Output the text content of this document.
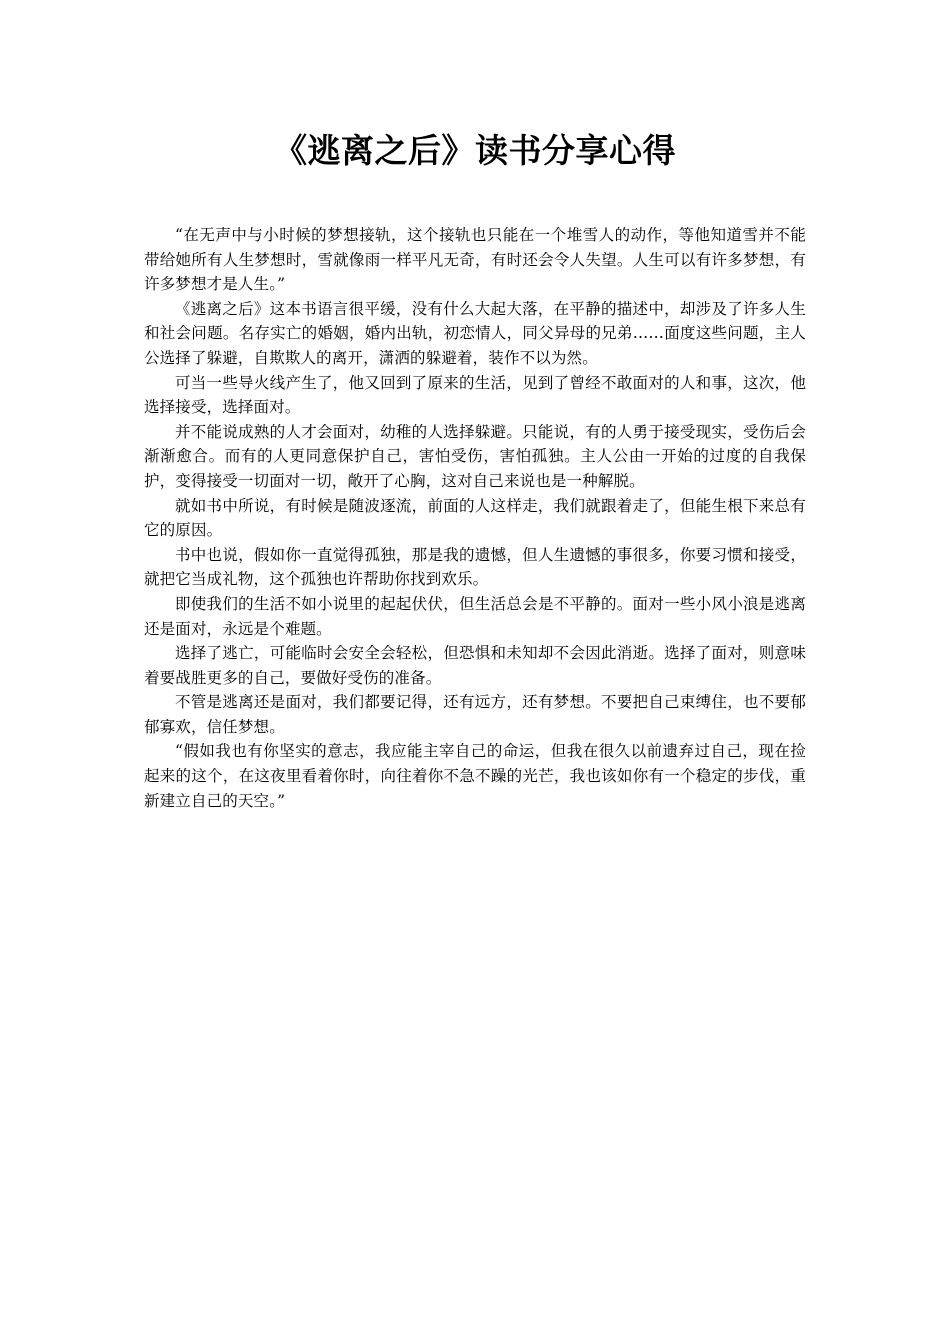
《逃离之后》读书分享心得

“在无声中与小时候的梦想接轨，这个接轨也只能在一个堆雪人的动作，等他知道雪并不能带给她所有人生梦想时，雪就像雨一样平凡无奇，有时还会令人失望。人生可以有许多梦想，有许多梦想才是人生。”

《逃离之后》这本书语言很平缓，没有什么大起大落，在平静的描述中，却涉及了许多人生和社会问题。名存实亡的婚姻，婚内出轨，初恋情人，同父异母的兄弟……面度这些问题，主人公选择了躲避，自欺欺人的离开，潇洒的躲避着，装作不以为然。

可当一些导火线产生了，他又回到了原来的生活，见到了曾经不敢面对的人和事，这次，他选择接受，选择面对。

并不能说成熟的人才会面对，幼稚的人选择躲避。只能说，有的人勇于接受现实，受伤后会渐渐愈合。而有的人更同意保护自己，害怕受伤，害怕孤独。主人公由一开始的过度的自我保护，变得接受一切面对一切，敞开了心胸，这对自己来说也是一种解脱。

就如书中所说，有时候是随波逐流，前面的人这样走，我们就跟着走了，但能生根下来总有它的原因。

书中也说，假如你一直觉得孤独，那是我的遗憾，但人生遗憾的事很多，你要习惯和接受，就把它当成礼物，这个孤独也许帮助你找到欢乐。

即使我们的生活不如小说里的起起伏伏，但生活总会是不平静的。面对一些小风小浪是逃离还是面对，永远是个难题。

选择了逃亡，可能临时会安全会轻松，但恐惧和未知却不会因此消逝。选择了面对，则意味着要战胜更多的自己，要做好受伤的准备。

不管是逃离还是面对，我们都要记得，还有远方，还有梦想。不要把自己束缚住，也不要郁郁寡欢，信任梦想。

“假如我也有你坚实的意志，我应能主宰自己的命运，但我在很久以前遗弃过自己，现在捡起来的这个，在这夜里看着你时，向往着你不急不躁的光芒，我也该如你有一个稳定的步伐，重新建立自己的天空。”
